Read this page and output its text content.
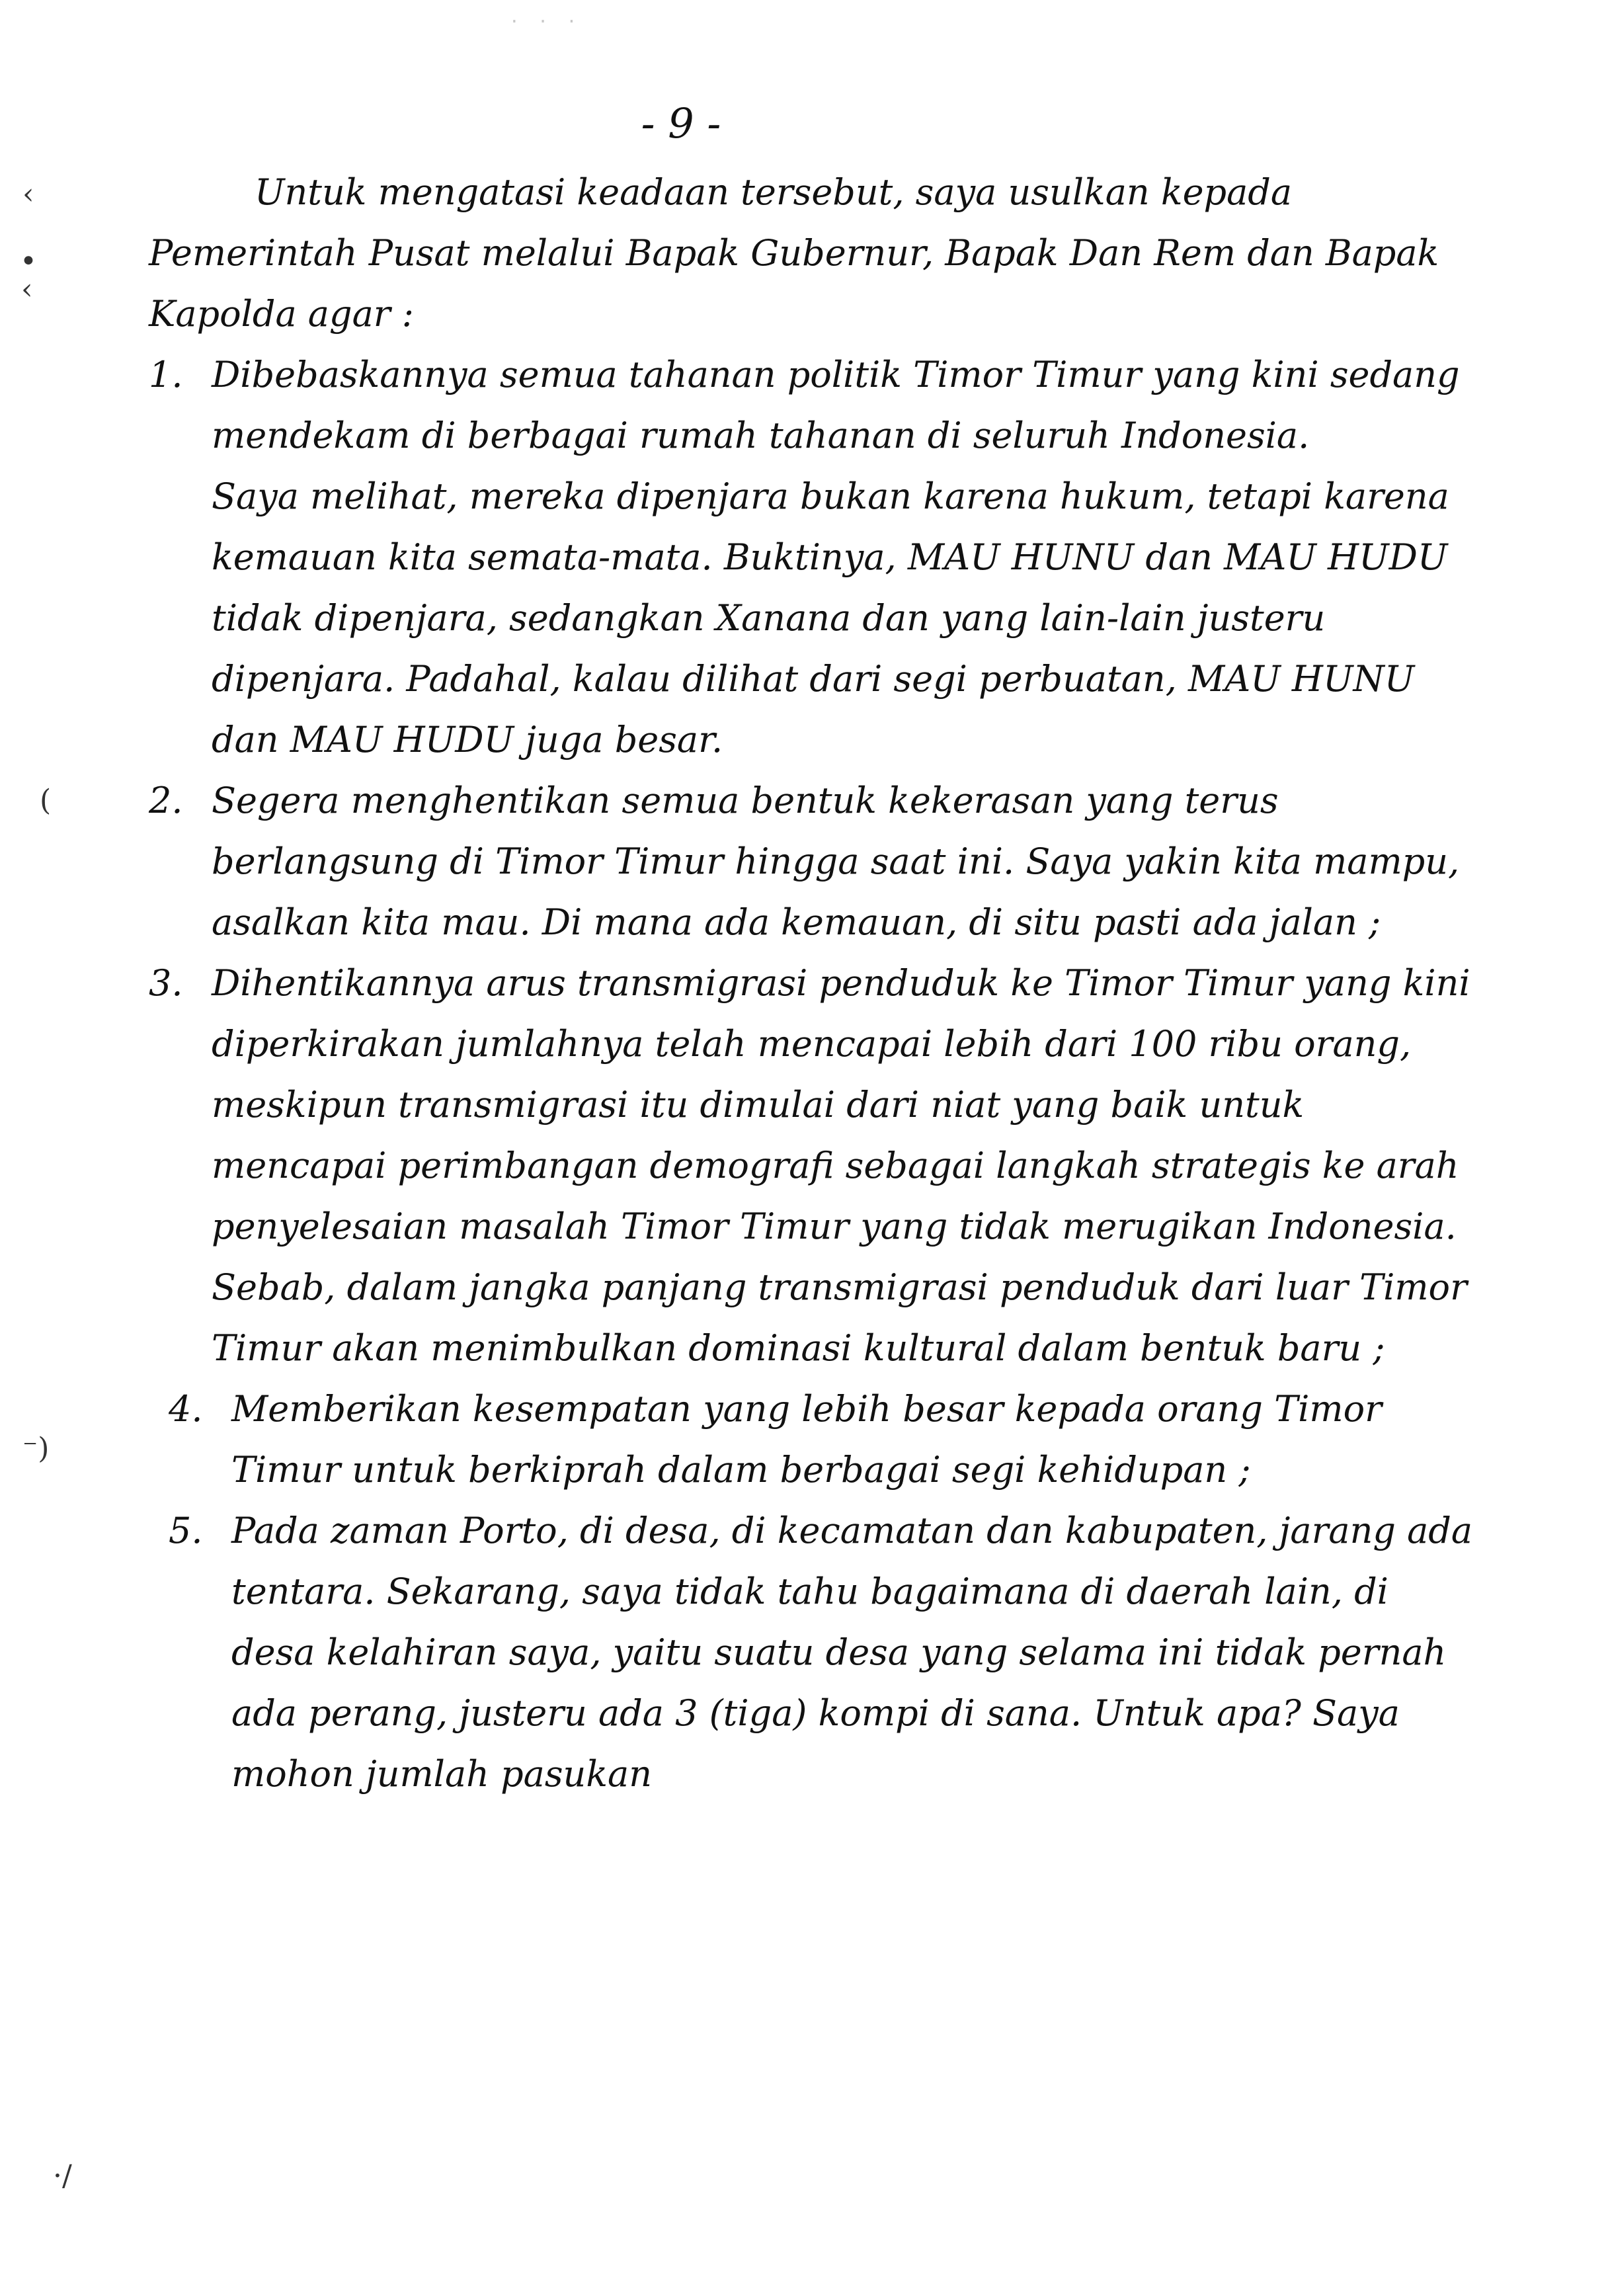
· · ·
‹
•
‹
(
⁻)
·/
- 9 -

Untuk mengatasi keadaan tersebut, saya usulkan kepada Pemerintah Pusat melalui Bapak Gubernur, Bapak Dan Rem dan Bapak Kapolda agar :

1. Dibebaskannya semua tahanan politik Timor Timur yang kini sedang mendekam di berbagai rumah tahanan di seluruh Indonesia.

Saya melihat, mereka dipenjara bukan karena hukum, tetapi karena kemauan kita semata-mata. Buktinya, MAU HUNU dan MAU HUDU tidak dipenjara, sedangkan Xanana dan yang lain-lain justeru dipenjara. Padahal, kalau dilihat dari segi perbuatan, MAU HUNU dan MAU HUDU juga besar.

2. Segera menghentikan semua bentuk kekerasan yang terus berlangsung di Timor Timur hingga saat ini. Saya yakin kita mampu, asalkan kita mau. Di mana ada kemauan, di situ pasti ada jalan ;

3. Dihentikannya arus transmigrasi penduduk ke Timor Timur yang kini diperkirakan jumlahnya telah mencapai lebih dari 100 ribu orang, meskipun transmigrasi itu dimulai dari niat yang baik untuk mencapai perimbangan demografi sebagai langkah strategis ke arah penyelesaian masalah Timor Timur yang tidak merugikan Indonesia. Sebab, dalam jangka panjang transmigrasi penduduk dari luar Timor Timur akan menimbulkan dominasi kultural dalam bentuk baru ;

4. Memberikan kesempatan yang lebih besar kepada orang Timor Timur untuk berkiprah dalam berbagai segi kehidupan ;

5. Pada zaman Porto, di desa, di kecamatan dan kabupaten, jarang ada tentara. Sekarang, saya tidak tahu bagaimana di daerah lain, di desa kelahiran saya, yaitu suatu desa yang selama ini tidak pernah ada perang, justeru ada 3 (tiga) kompi di sana. Untuk apa? Saya mohon jumlah pasukan
